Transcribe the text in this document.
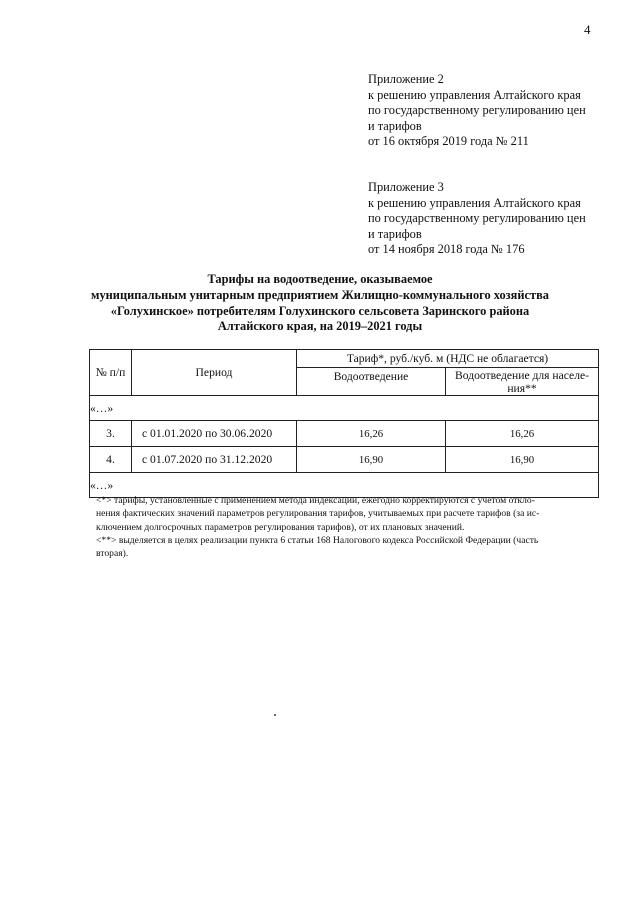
4
Приложение 2
к решению управления Алтайского края
по государственному регулированию цен
и тарифов
от 16 октября 2019 года № 211
Приложение 3
к решению управления Алтайского края
по государственному регулированию цен
и тарифов
от 14 ноября 2018 года № 176
Тарифы на водоотведение, оказываемое
муниципальным унитарным предприятием Жилищно-коммунального хозяйства
«Голухинское» потребителям Голухинского сельсовета Заринского района
Алтайского края, на 2019–2021 годы
№ п/п	Период	Тариф*, руб./куб. м (НДС не облагается)	
		Водоотведение	Водоотведение для населе-
ния**
«…»			
3.	с 01.01.2020 по 30.06.2020	16,26	16,26
4.	с 01.07.2020 по 31.12.2020	16,90	16,90
«…»			
<*> тарифы, установленные с применением метода индексации, ежегодно корректируются с учетом откло-
нения фактических значений параметров регулирования тарифов, учитываемых при расчете тарифов (за ис-
ключением долгосрочных параметров регулирования тарифов), от их плановых значений.
<**> выделяется в целях реализации пункта 6 статьи 168 Налогового кодекса Российской Федерации (часть
вторая).
